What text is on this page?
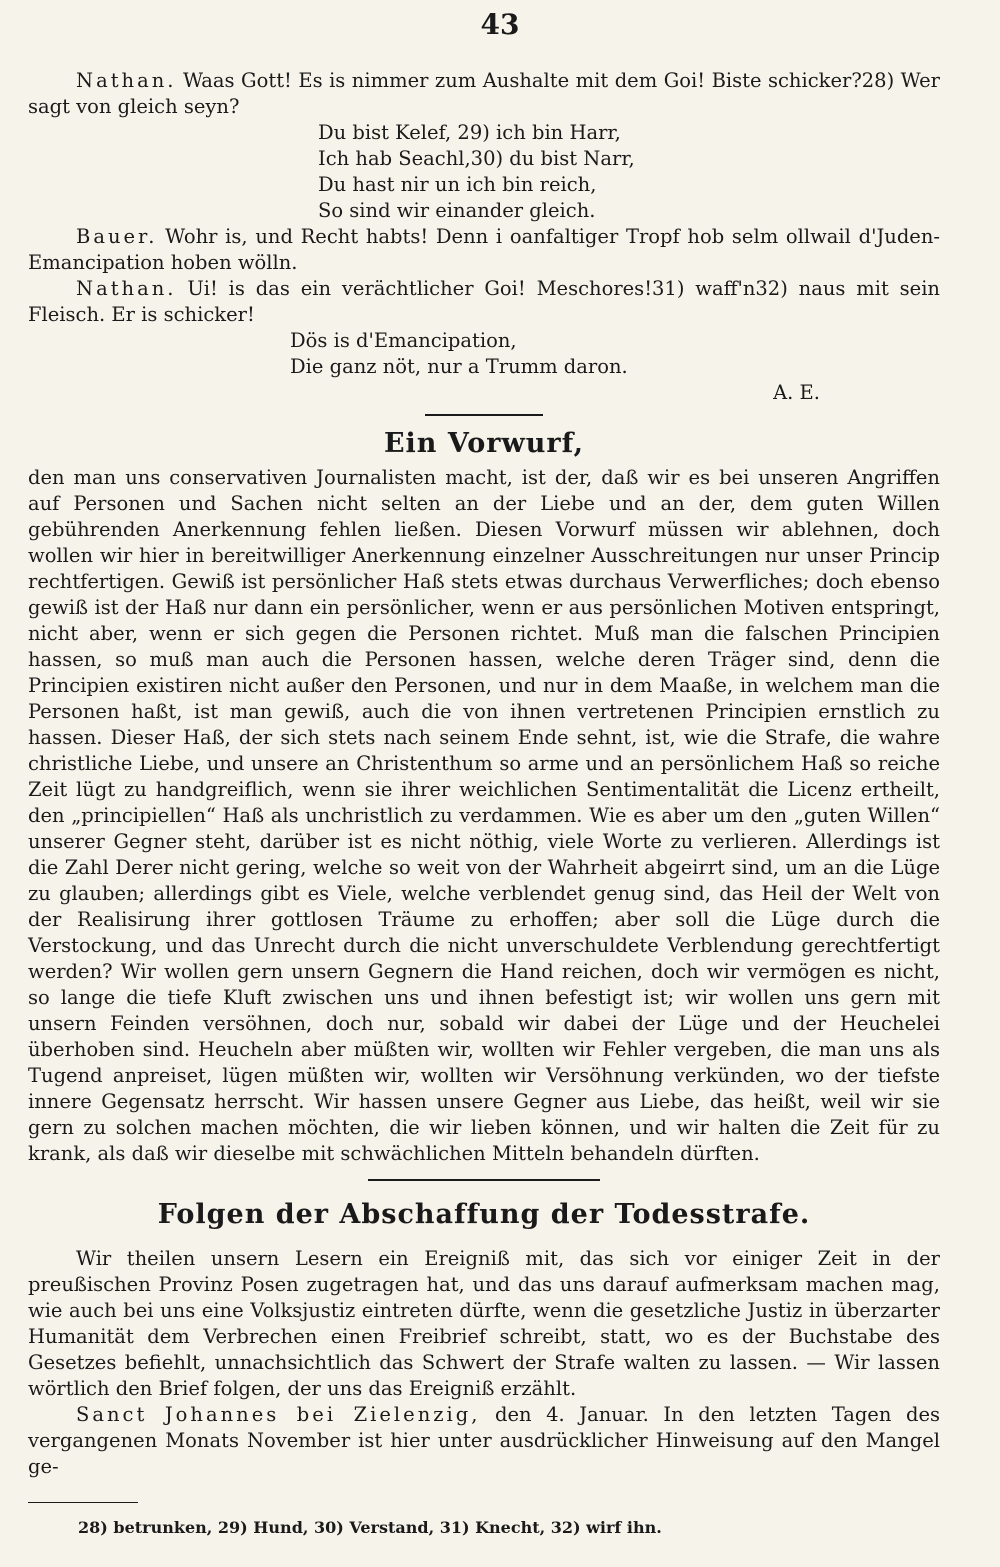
43

Nathan. Waas Gott! Es is nimmer zum Aushalte mit dem Goi! Biste schicker?28) Wer sagt von gleich seyn?

Du bist Kelef, 29) ich bin Harr,

Ich hab Seachl,30) du bist Narr,

Du hast nir un ich bin reich,

So sind wir einander gleich.

Bauer. Wohr is, und Recht habts! Denn i oanfaltiger Tropf hob selm ollwail d'Juden-Emancipation hoben wölln.

Nathan. Ui! is das ein verächtlicher Goi! Meschores!31) waff'n32) naus mit sein Fleisch. Er is schicker!

Dös is d'Emancipation,

Die ganz nöt, nur a Trumm daron.

A. E.

Ein Vorwurf,

den man uns conservativen Journalisten macht, ist der, daß wir es bei unseren Angriffen auf Personen und Sachen nicht selten an der Liebe und an der, dem guten Willen gebührenden Anerkennung fehlen ließen. Diesen Vorwurf müssen wir ablehnen, doch wollen wir hier in bereitwilliger Anerkennung einzelner Ausschreitungen nur unser Princip rechtfertigen. Gewiß ist persönlicher Haß stets etwas durchaus Verwerfliches; doch ebenso gewiß ist der Haß nur dann ein persönlicher, wenn er aus persönlichen Motiven entspringt, nicht aber, wenn er sich gegen die Personen richtet. Muß man die falschen Principien hassen, so muß man auch die Personen hassen, welche deren Träger sind, denn die Principien existiren nicht außer den Personen, und nur in dem Maaße, in welchem man die Personen haßt, ist man gewiß, auch die von ihnen vertretenen Principien ernstlich zu hassen. Dieser Haß, der sich stets nach seinem Ende sehnt, ist, wie die Strafe, die wahre christliche Liebe, und unsere an Christenthum so arme und an persönlichem Haß so reiche Zeit lügt zu handgreiflich, wenn sie ihrer weichlichen Sentimentalität die Licenz ertheilt, den „principiellen“ Haß als unchristlich zu verdammen. Wie es aber um den „guten Willen“ unserer Gegner steht, darüber ist es nicht nöthig, viele Worte zu verlieren. Allerdings ist die Zahl Derer nicht gering, welche so weit von der Wahrheit abgeirrt sind, um an die Lüge zu glauben; allerdings gibt es Viele, welche verblendet genug sind, das Heil der Welt von der Realisirung ihrer gottlosen Träume zu erhoffen; aber soll die Lüge durch die Verstockung, und das Unrecht durch die nicht unverschuldete Verblendung gerechtfertigt werden? Wir wollen gern unsern Gegnern die Hand reichen, doch wir vermögen es nicht, so lange die tiefe Kluft zwischen uns und ihnen befestigt ist; wir wollen uns gern mit unsern Feinden versöhnen, doch nur, sobald wir dabei der Lüge und der Heuchelei überhoben sind. Heucheln aber müßten wir, wollten wir Fehler vergeben, die man uns als Tugend anpreiset, lügen müßten wir, wollten wir Versöhnung verkünden, wo der tiefste innere Gegensatz herrscht. Wir hassen unsere Gegner aus Liebe, das heißt, weil wir sie gern zu solchen machen möchten, die wir lieben können, und wir halten die Zeit für zu krank, als daß wir dieselbe mit schwächlichen Mitteln behandeln dürften.

Folgen der Abschaffung der Todesstrafe.

Wir theilen unsern Lesern ein Ereigniß mit, das sich vor einiger Zeit in der preußischen Provinz Posen zugetragen hat, und das uns darauf aufmerksam machen mag, wie auch bei uns eine Volksjustiz eintreten dürfte, wenn die gesetzliche Justiz in überzarter Humanität dem Verbrechen einen Freibrief schreibt, statt, wo es der Buchstabe des Gesetzes befiehlt, unnachsichtlich das Schwert der Strafe walten zu lassen. — Wir lassen wörtlich den Brief folgen, der uns das Ereigniß erzählt.

Sanct Johannes bei Zielenzig, den 4. Januar. In den letzten Tagen des vergangenen Monats November ist hier unter ausdrücklicher Hinweisung auf den Mangel ge-

28) betrunken, 29) Hund, 30) Verstand, 31) Knecht, 32) wirf ihn.
